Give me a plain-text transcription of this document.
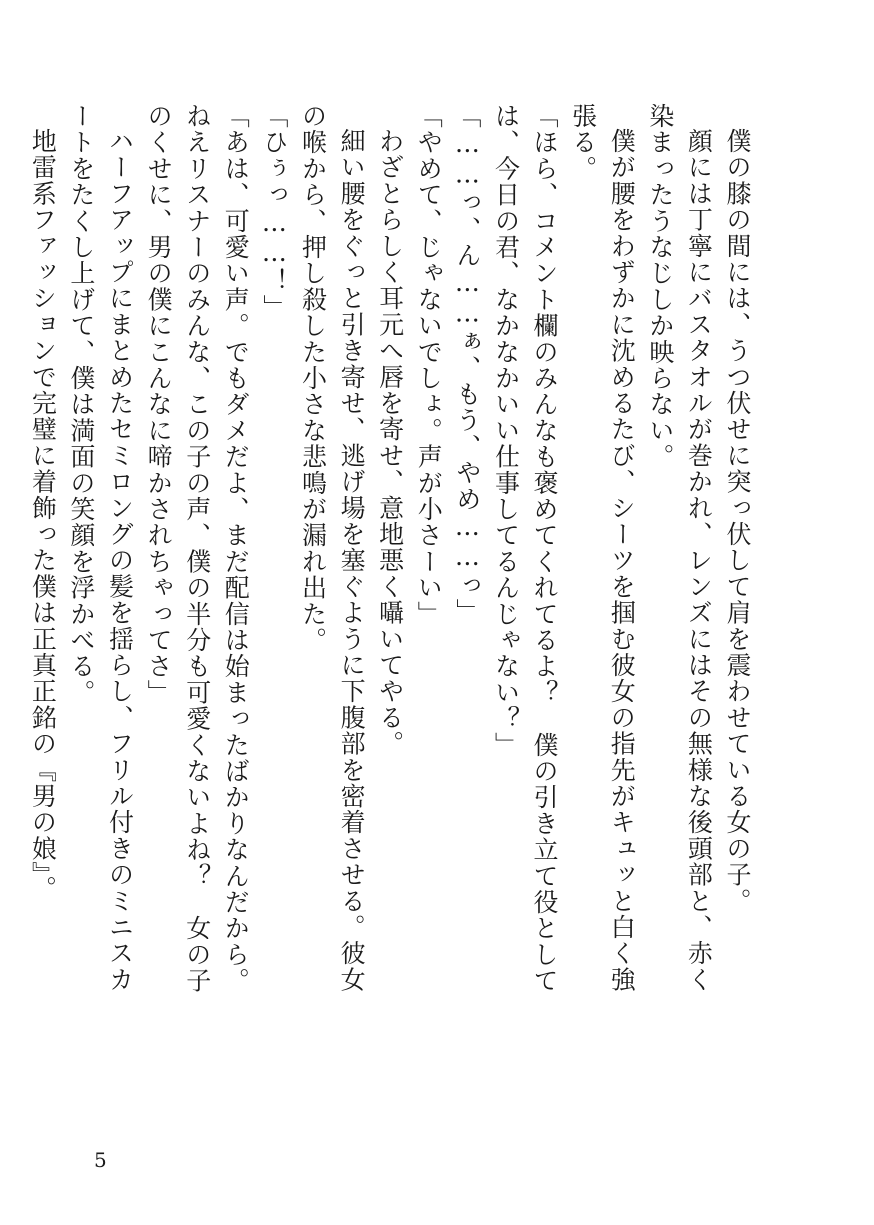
僕の膝の間には、うつ伏せに突っ伏して肩を震わせている女の子。

顔には丁寧にバスタオルが巻かれ、レンズにはその無様な後頭部と、赤く染まったうなじしか映らない。

僕が腰をわずかに沈めるたび、シーツを掴む彼女の指先がキュッと白く強張る。

「ほら、コメント欄のみんなも褒めてくれてるよ？　僕の引き立て役としては、今日の君、なかなかいい仕事してるんじゃない？」

「……っ、ん……ぁ、もう、やめ……っ」

「やめて、じゃないでしょ。声が小さーい」

わざとらしく耳元へ唇を寄せ、意地悪く囁いてやる。

細い腰をぐっと引き寄せ、逃げ場を塞ぐように下腹部を密着させる。彼女の喉から、押し殺した小さな悲鳴が漏れ出た。

「ひぅっ……！」

「あは、可愛い声。でもダメだよ、まだ配信は始まったばかりなんだから。ねえリスナーのみんな、この子の声、僕の半分も可愛くないよね？　女の子のくせに、男の僕にこんなに啼かされちゃってさ」

ハーフアップにまとめたセミロングの髪を揺らし、フリル付きのミニスカートをたくし上げて、僕は満面の笑顔を浮かべる。

地雷系ファッションで完璧に着飾った僕は正真正銘の『男の娘』。

5
